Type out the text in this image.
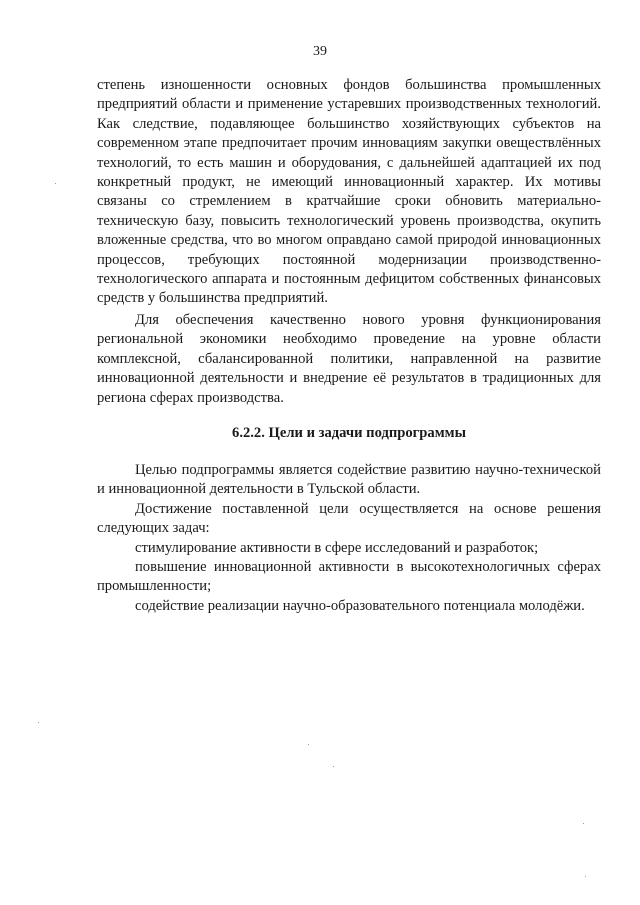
39

степень изношенности основных фондов большинства промышленных предприятий области и применение устаревших производственных технологий. Как следствие, подавляющее большинство хозяйствующих субъектов на современном этапе предпочитает прочим инновациям закупки овеществлённых технологий, то есть машин и оборудования, с дальнейшей адаптацией их под конкретный продукт, не имеющий инновационный характер. Их мотивы связаны со стремлением в кратчайшие сроки обновить материально-техническую базу, повысить технологический уровень производства, окупить вложенные средства, что во многом оправдано самой природой инновационных процессов, требующих постоянной модернизации производственно-технологического аппарата и постоянным дефицитом собственных финансовых средств у большинства предприятий.

Для обеспечения качественно нового уровня функционирования региональной экономики необходимо проведение на уровне области комплексной, сбалансированной политики, направленной на развитие инновационной деятельности и внедрение её результатов в традиционных для региона сферах производства.

6.2.2. Цели и задачи подпрограммы

Целью подпрограммы является содействие развитию научно-технической и инновационной деятельности в Тульской области.

Достижение поставленной цели осуществляется на основе решения следующих задач:

стимулирование активности в сфере исследований и разработок;

повышение инновационной активности в высокотехнологичных сферах промышленности;

содействие реализации научно-образовательного потенциала молодёжи.
